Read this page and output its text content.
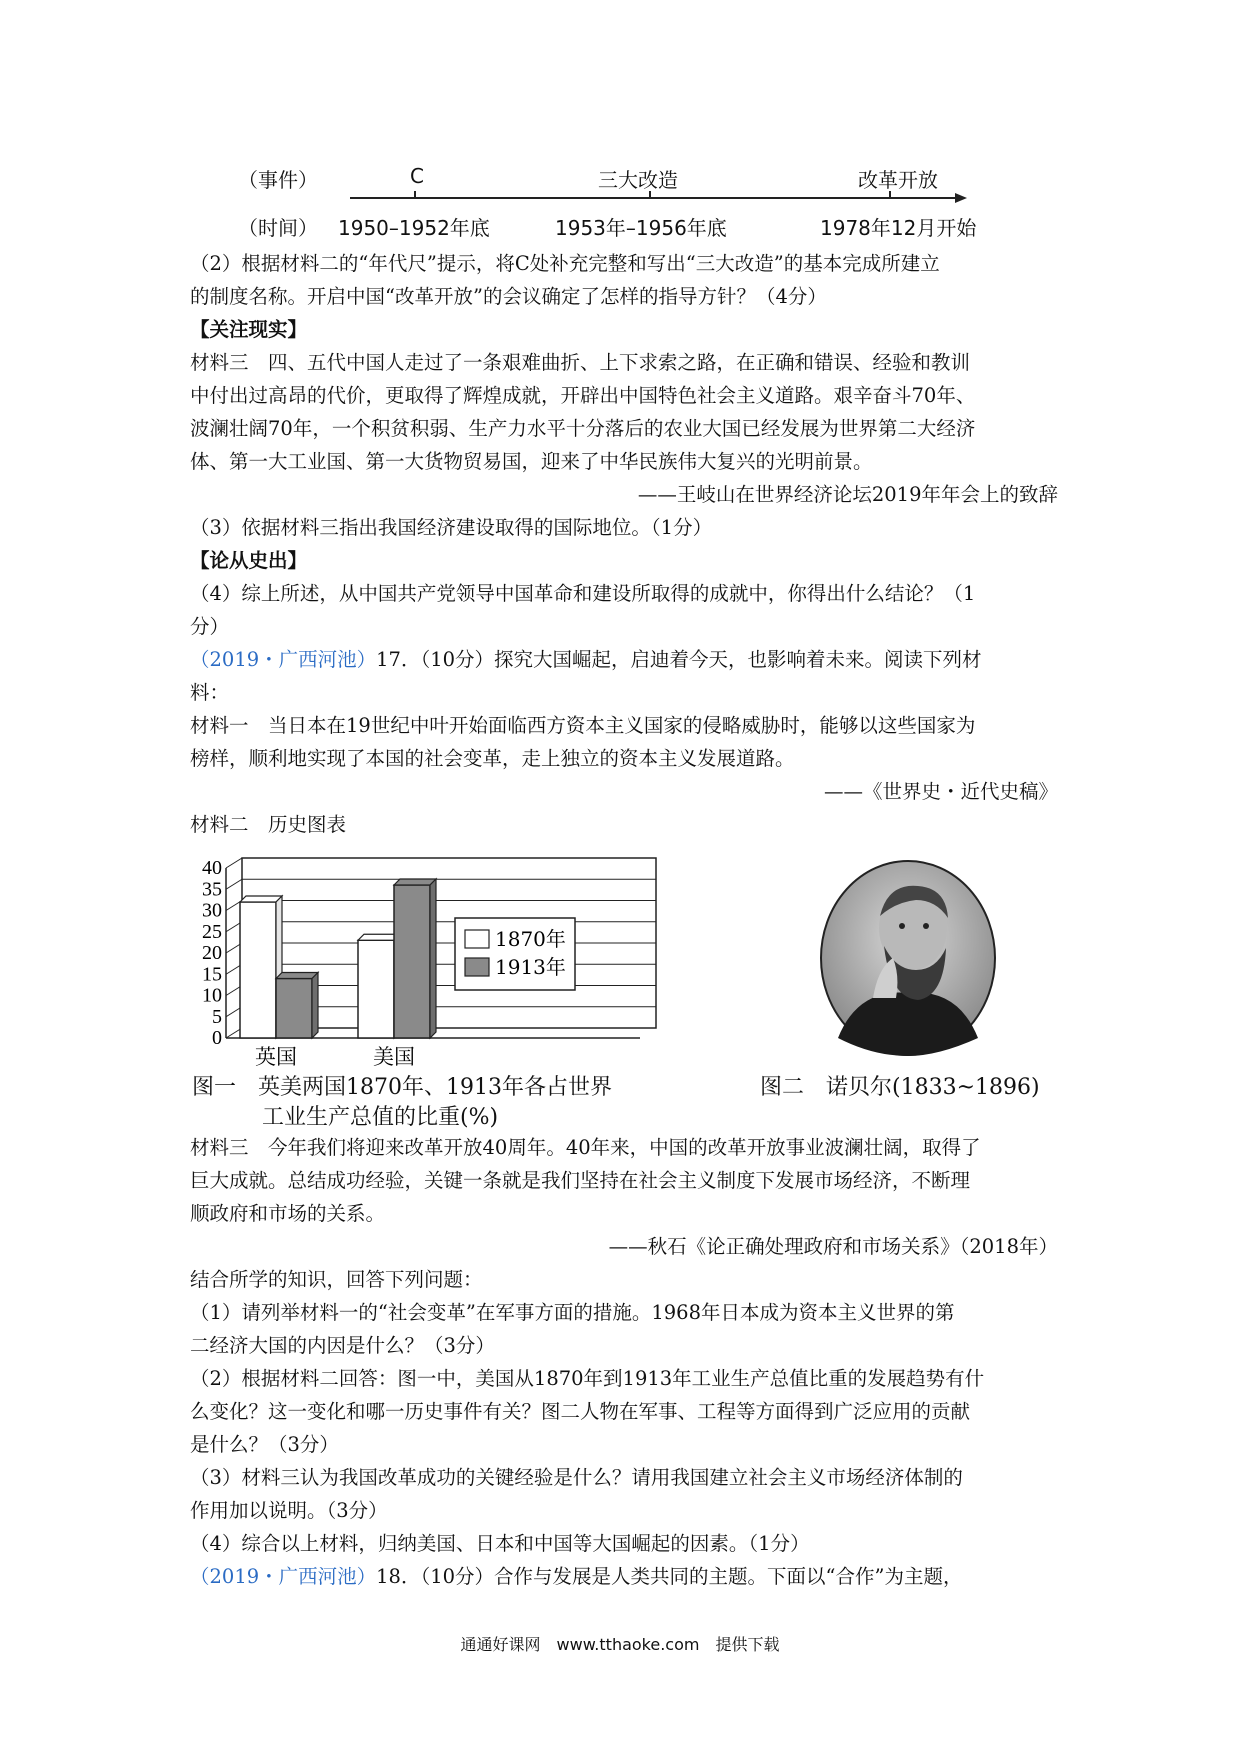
（事件）	C	三大改造	改革开放
（时间） 1950–1952年底	1953年–1956年底	1978年12月开始
（2）根据材料二的“年代尺”提示，将C处补充完整和写出“三大改造”的基本完成所建立
的制度名称。开启中国“改革开放”的会议确定了怎样的指导方针？（4分）
【关注现实】
材料三　四、五代中国人走过了一条艰难曲折、上下求索之路，在正确和错误、经验和教训
中付出过高昂的代价，更取得了辉煌成就，开辟出中国特色社会主义道路。艰辛奋斗70年、
波澜壮阔70年，一个积贫积弱、生产力水平十分落后的农业大国已经发展为世界第二大经济
体、第一大工业国、第一大货物贸易国，迎来了中华民族伟大复兴的光明前景。
——王岐山在世界经济论坛2019年年会上的致辞
（3）依据材料三指出我国经济建设取得的国际地位。（1分）
【论从史出】
（4）综上所述，从中国共产党领导中国革命和建设所取得的成就中，你得出什么结论？（1
分）
（2019・广西河池）17．（10分）探究大国崛起，启迪着今天，也影响着未来。阅读下列材
料：
材料一　当日本在19世纪中叶开始面临西方资本主义国家的侵略威胁时，能够以这些国家为
榜样，顺利地实现了本国的社会变革，走上独立的资本主义发展道路。
——《世界史・近代史稿》
材料二　历史图表
0
5
10
15
20
25
30
35
40
英国	美国
1870年
1913年
图一　英美两国1870年、1913年各占世界
工业生产总值的比重(%)
图二　诺贝尔(1833~1896)
材料三　今年我们将迎来改革开放40周年。40年来，中国的改革开放事业波澜壮阔，取得了
巨大成就。总结成功经验，关键一条就是我们坚持在社会主义制度下发展市场经济，不断理
顺政府和市场的关系。
——秋石《论正确处理政府和市场关系》（2018年）
结合所学的知识，回答下列问题：
（1）请列举材料一的“社会变革”在军事方面的措施。1968年日本成为资本主义世界的第
二经济大国的内因是什么？（3分）
（2）根据材料二回答：图一中，美国从1870年到1913年工业生产总值比重的发展趋势有什
么变化？这一变化和哪一历史事件有关？图二人物在军事、工程等方面得到广泛应用的贡献
是什么？（3分）
（3）材料三认为我国改革成功的关键经验是什么？请用我国建立社会主义市场经济体制的
作用加以说明。（3分）
（4）综合以上材料，归纳美国、日本和中国等大国崛起的因素。（1分）
（2019・广西河池）18．（10分）合作与发展是人类共同的主题。下面以“合作”为主题，
通通好课网　www.tthaoke.com　提供下载
